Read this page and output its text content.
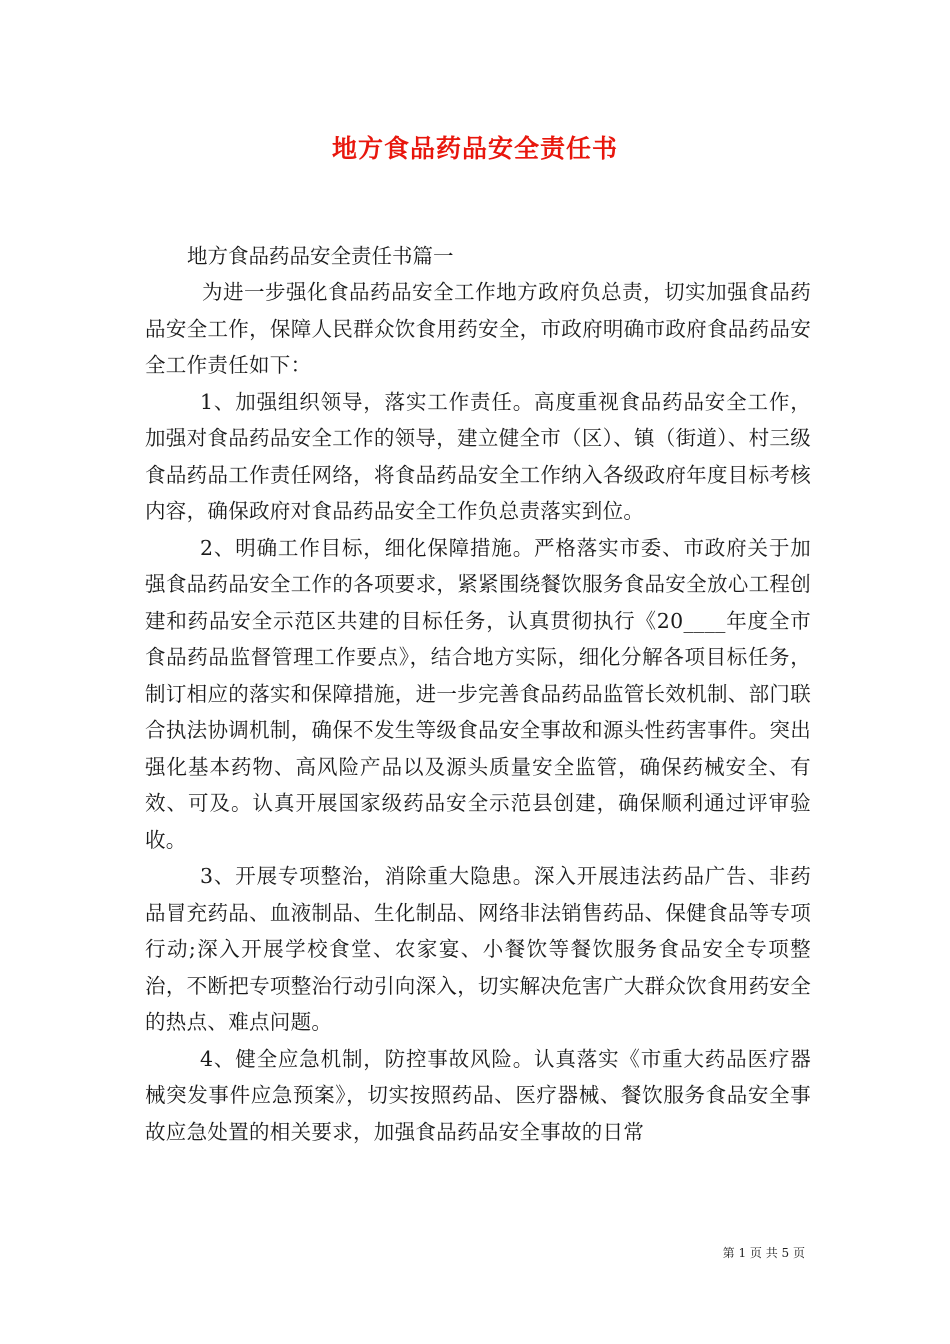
地方食品药品安全责任书
地方食品药品安全责任书篇一

为进一步强化食品药品安全工作地方政府负总责，切实加强食品药品安全工作，保障人民群众饮食用药安全，市政府明确市政府食品药品安全工作责任如下：

1、加强组织领导，落实工作责任。高度重视食品药品安全工作，加强对食品药品安全工作的领导，建立健全市（区）、镇（街道）、村三级食品药品工作责任网络，将食品药品安全工作纳入各级政府年度目标考核内容，确保政府对食品药品安全工作负总责落实到位。

2、明确工作目标，细化保障措施。严格落实市委、市政府关于加强食品药品安全工作的各项要求，紧紧围绕餐饮服务食品安全放心工程创建和药品安全示范区共建的目标任务，认真贯彻执行《20____年度全市食品药品监督管理工作要点》，结合地方实际，细化分解各项目标任务，制订相应的落实和保障措施，进一步完善食品药品监管长效机制、部门联合执法协调机制，确保不发生等级食品安全事故和源头性药害事件。突出强化基本药物、高风险产品以及源头质量安全监管，确保药械安全、有效、可及。认真开展国家级药品安全示范县创建，确保顺利通过评审验收。

3、开展专项整治，消除重大隐患。深入开展违法药品广告、非药品冒充药品、血液制品、生化制品、网络非法销售药品、保健食品等专项行动;深入开展学校食堂、农家宴、小餐饮等餐饮服务食品安全专项整治，不断把专项整治行动引向深入，切实解决危害广大群众饮食用药安全的热点、难点问题。

4、健全应急机制，防控事故风险。认真落实《市重大药品医疗器械突发事件应急预案》，切实按照药品、医疗器械、餐饮服务食品安全事故应急处置的相关要求，加强食品药品安全事故的日常

第 1 页 共 5 页
